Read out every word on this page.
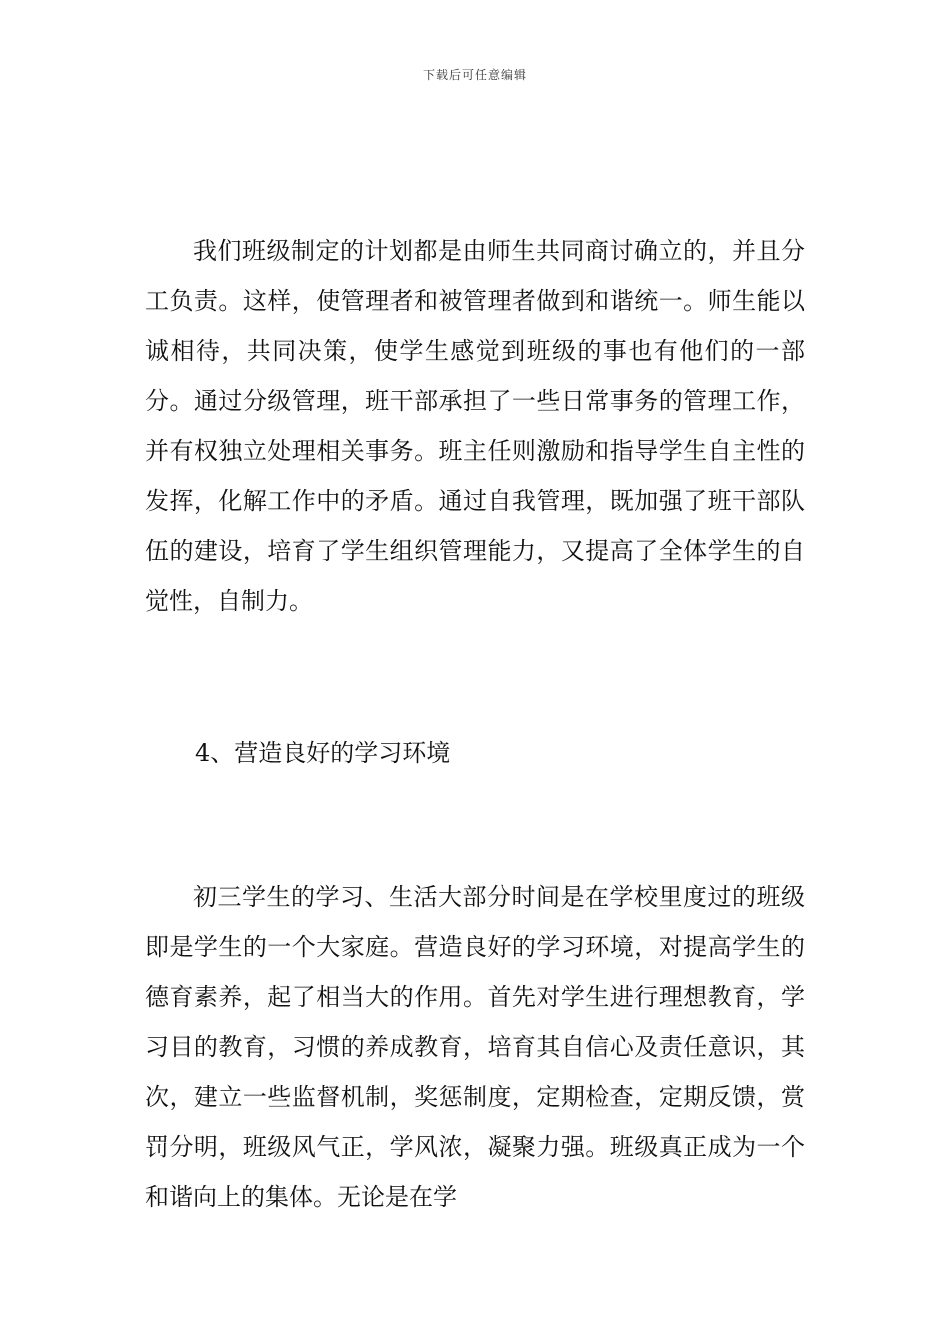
下载后可任意编辑

我们班级制定的计划都是由师生共同商讨确立的，并且分工负责。这样，使管理者和被管理者做到和谐统一。师生能以诚相待，共同决策，使学生感觉到班级的事也有他们的一部分。通过分级管理，班干部承担了一些日常事务的管理工作，并有权独立处理相关事务。班主任则激励和指导学生自主性的发挥，化解工作中的矛盾。通过自我管理，既加强了班干部队伍的建设，培育了学生组织管理能力，又提高了全体学生的自觉性，自制力。

4、营造良好的学习环境

初三学生的学习、生活大部分时间是在学校里度过的班级即是学生的一个大家庭。营造良好的学习环境，对提高学生的德育素养，起了相当大的作用。首先对学生进行理想教育，学习目的教育，习惯的养成教育，培育其自信心及责任意识，其次，建立一些监督机制，奖惩制度，定期检查，定期反馈，赏罚分明，班级风气正，学风浓，凝聚力强。班级真正成为一个和谐向上的集体。无论是在学
